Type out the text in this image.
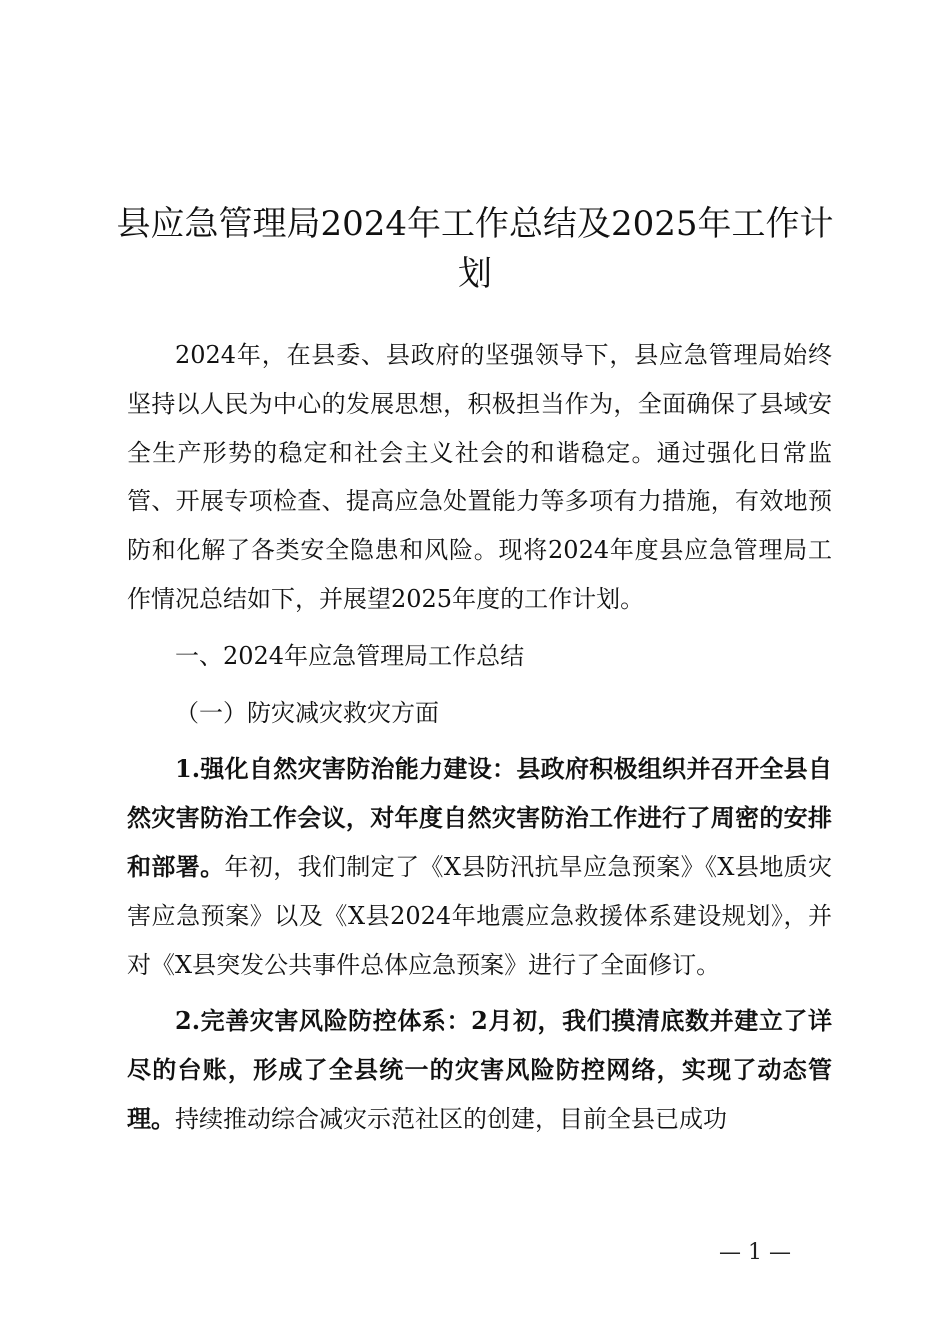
县应急管理局2024年工作总结及2025年工作计划

2024年，在县委、县政府的坚强领导下，县应急管理局始终坚持以人民为中心的发展思想，积极担当作为，全面确保了县域安全生产形势的稳定和社会主义社会的和谐稳定。通过强化日常监管、开展专项检查、提高应急处置能力等多项有力措施，有效地预防和化解了各类安全隐患和风险。现将2024年度县应急管理局工作情况总结如下，并展望2025年度的工作计划。

一、2024年应急管理局工作总结

（一）防灾减灾救灾方面

1.强化自然灾害防治能力建设：县政府积极组织并召开全县自然灾害防治工作会议，对年度自然灾害防治工作进行了周密的安排和部署。年初，我们制定了《X县防汛抗旱应急预案》《X县地质灾害应急预案》以及《X县2024年地震应急救援体系建设规划》，并对《X县突发公共事件总体应急预案》进行了全面修订。

2.完善灾害风险防控体系：2月初，我们摸清底数并建立了详尽的台账，形成了全县统一的灾害风险防控网络，实现了动态管理。持续推动综合减灾示范社区的创建，目前全县已成功

— 1 —
